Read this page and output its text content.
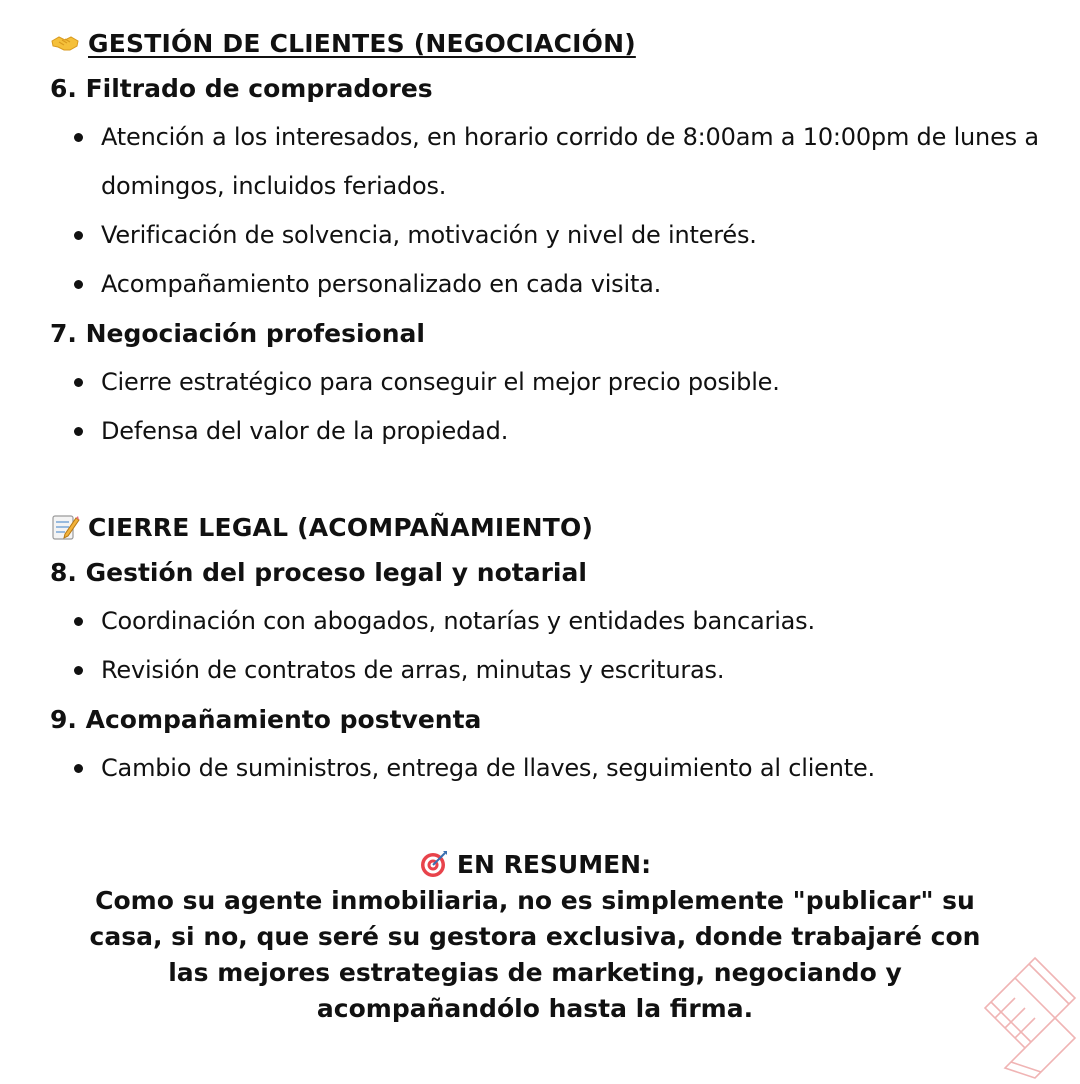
GESTIÓN DE CLIENTES (NEGOCIACIÓN)
6. Filtrado de compradores
Atención a los interesados, en horario corrido de 8:00am a 10:00pm de lunes a domingos, incluidos feriados.
Verificación de solvencia, motivación y nivel de interés.
Acompañamiento personalizado en cada visita.
7. Negociación profesional
Cierre estratégico para conseguir el mejor precio posible.
Defensa del valor de la propiedad.
CIERRE LEGAL (ACOMPAÑAMIENTO)
8. Gestión del proceso legal y notarial
Coordinación con abogados, notarías y entidades bancarias.
Revisión de contratos de arras, minutas y escrituras.
9. Acompañamiento postventa
Cambio de suministros, entrega de llaves, seguimiento al cliente.
EN RESUMEN:

Como su agente inmobiliaria, no es simplemente "publicar" su casa, si no, que seré su gestora exclusiva, donde trabajaré con las mejores estrategias de marketing, negociando y acompañandólo hasta la firma.
